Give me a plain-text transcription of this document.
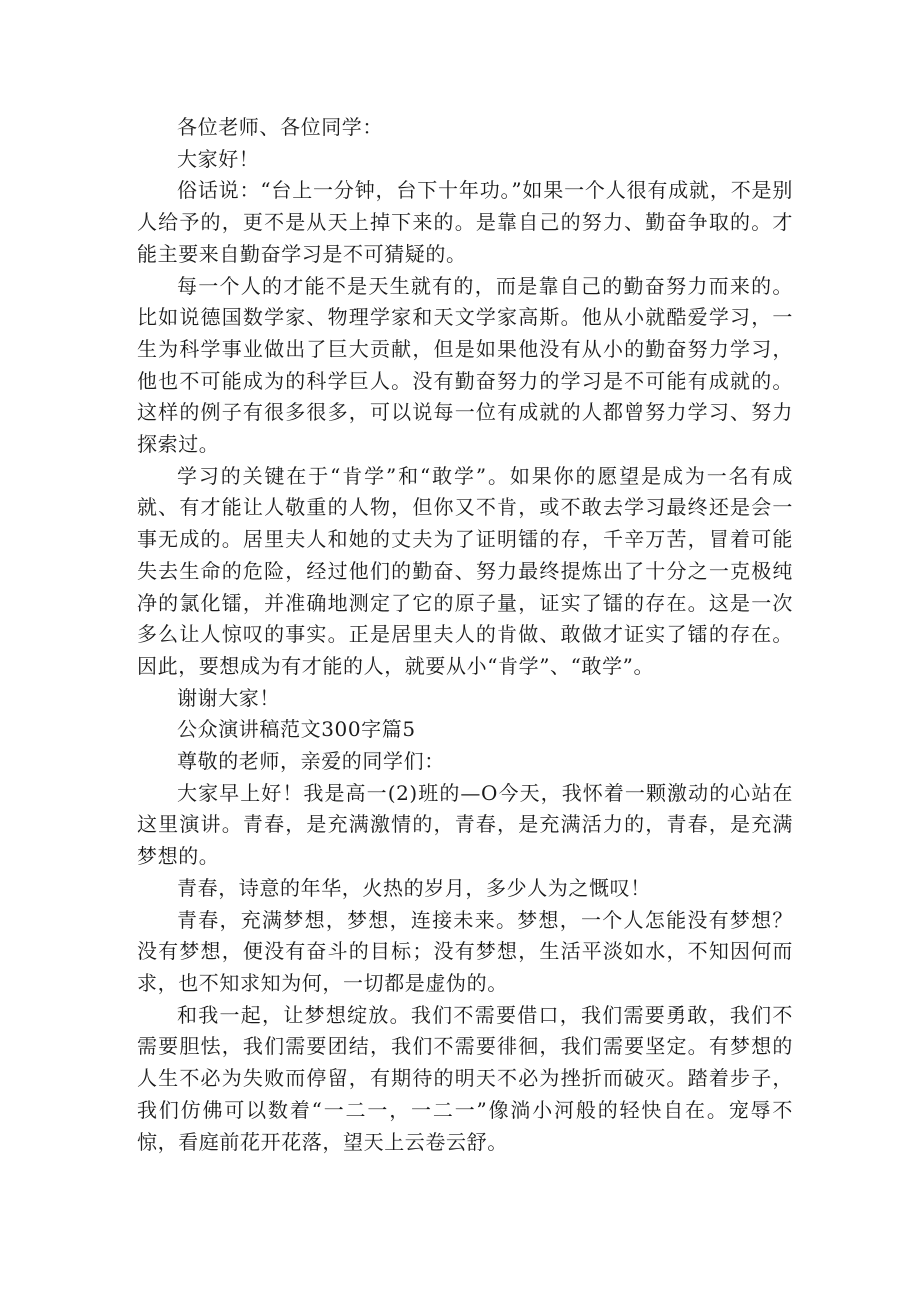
各位老师、各位同学：

大家好！

俗话说：“台上一分钟，台下十年功。”如果一个人很有成就，不是别人给予的，更不是从天上掉下来的。是靠自己的努力、勤奋争取的。才能主要来自勤奋学习是不可猜疑的。

每一个人的才能不是天生就有的，而是靠自己的勤奋努力而来的。比如说德国数学家、物理学家和天文学家高斯。他从小就酷爱学习，一生为科学事业做出了巨大贡献，但是如果他没有从小的勤奋努力学习，他也不可能成为的科学巨人。没有勤奋努力的学习是不可能有成就的。这样的例子有很多很多，可以说每一位有成就的人都曾努力学习、努力探索过。

学习的关键在于“肯学”和“敢学”。如果你的愿望是成为一名有成就、有才能让人敬重的人物，但你又不肯，或不敢去学习最终还是会一事无成的。居里夫人和她的丈夫为了证明镭的存，千辛万苦，冒着可能失去生命的危险，经过他们的勤奋、努力最终提炼出了十分之一克极纯净的氯化镭，并准确地测定了它的原子量，证实了镭的存在。这是一次多么让人惊叹的事实。正是居里夫人的肯做、敢做才证实了镭的存在。因此，要想成为有才能的人，就要从小“肯学”、“敢学”。

谢谢大家！

公众演讲稿范文300字篇5

尊敬的老师，亲爱的同学们：

大家早上好！我是高一(2)班的—O今天，我怀着一颗激动的心站在这里演讲。青春，是充满激情的，青春，是充满活力的，青春，是充满梦想的。

青春，诗意的年华，火热的岁月，多少人为之慨叹！

青春，充满梦想，梦想，连接未来。梦想，一个人怎能没有梦想？没有梦想，便没有奋斗的目标；没有梦想，生活平淡如水，不知因何而求，也不知求知为何，一切都是虚伪的。

和我一起，让梦想绽放。我们不需要借口，我们需要勇敢，我们不需要胆怯，我们需要团结，我们不需要徘徊，我们需要坚定。有梦想的人生不必为失败而停留，有期待的明天不必为挫折而破灭。踏着步子，我们仿佛可以数着“一二一，一二一”像淌小河般的轻快自在。宠辱不惊，看庭前花开花落，望天上云卷云舒。
